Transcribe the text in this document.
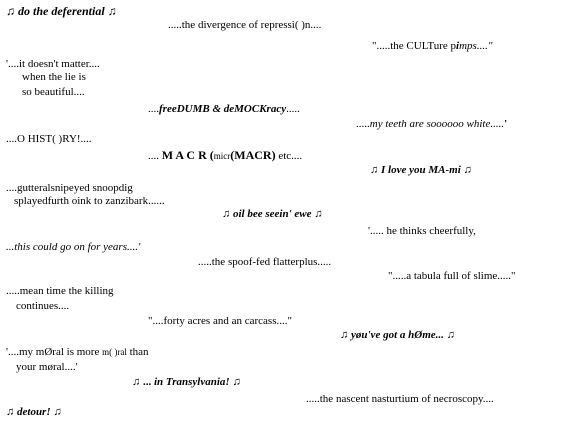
♫ do the deferential ♫
.....the divergence of repressi( )n....
".....the CULTure pimps...."
'....it doesn't matter....
when the lie is
so beautiful....
....freeDUMB & deMOCKracy.....
.....my teeth are soooooo white.....'
....O HIST( )RY!....
.... M A C R (micr(MACR) etc....
♫ I love you MA-mi ♫
....gutteralsnipeyed snoopdig
splayedfurth oink to zanzibark......
♫ oil bee seein' ewe ♫
'..... he thinks cheerfully,
...this could go on for years....'
.....the spoof-fed flatterplus.....
".....a tabula full of slime....."
.....mean time the killing
continues....
"....forty acres and an carcass...."
♫ yøu've got a hØme... ♫
'....my mØral is more m( )ral than
your møral....'
♫ ... in Transylvania! ♫
.....the nascent nasturtium of necroscopy....
♫ detour! ♫
